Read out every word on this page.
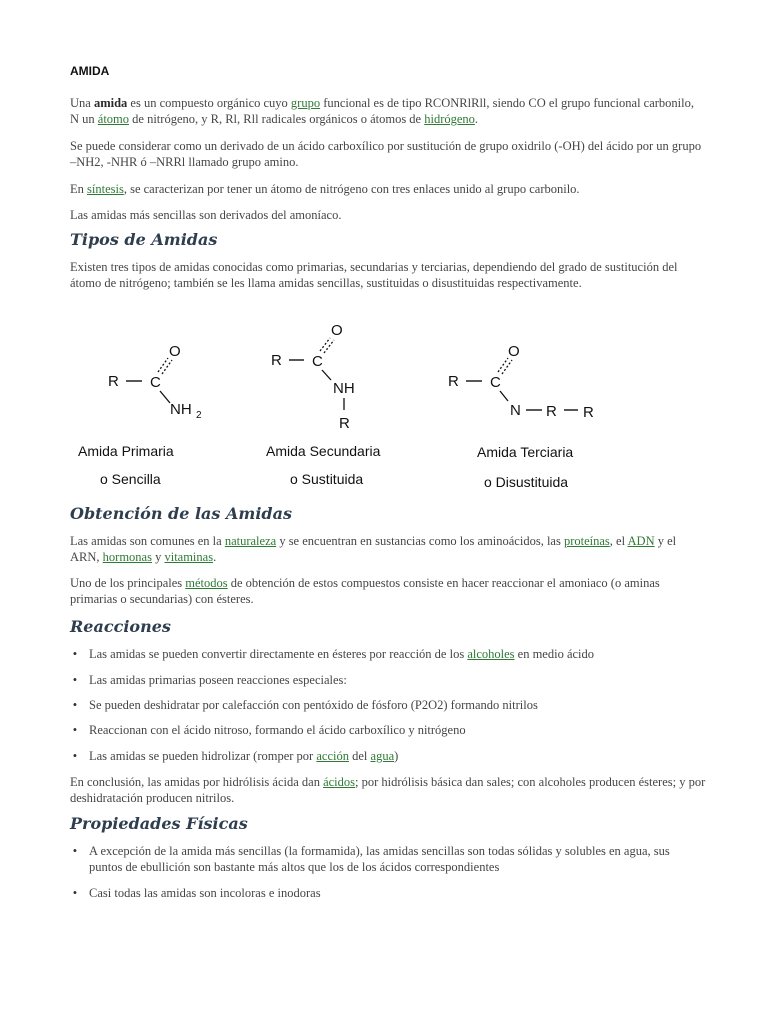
AMIDA
Una amida es un compuesto orgánico cuyo grupo funcional es de tipo RCONRlRll, siendo CO el grupo funcional carbonilo, N un átomo de nitrógeno, y R, Rl, Rll radicales orgánicos o átomos de hidrógeno.
Se puede considerar como un derivado de un ácido carboxílico por sustitución de grupo oxidrilo (-OH) del ácido por un grupo –NH2, -NHR ó –NRRl llamado grupo amino.
En síntesis, se caracterizan por tener un átomo de nitrógeno con tres enlaces unido al grupo carbonilo.
Las amidas más sencillas son derivados del amoníaco.
Tipos de Amidas
Existen tres tipos de amidas conocidas como primarias, secundarias y terciarias, dependiendo del grado de sustitución del átomo de nitrógeno; también se les llama amidas sencillas, sustituidas o disustituidas respectivamente.
R C
O
NH 2
Amida Primaria
o Sencilla
R C
O
NH
R
Amida Secundaria
o Sustituida
R C
O
N R R
Amida Terciaria
o Disustituida
Obtención de las Amidas
Las amidas son comunes en la naturaleza y se encuentran en sustancias como los aminoácidos, las proteínas, el ADN y el ARN, hormonas y vitaminas.
Uno de los principales métodos de obtención de estos compuestos consiste en hacer reaccionar el amoniaco (o aminas primarias o secundarias) con ésteres.
Reacciones
• Las amidas se pueden convertir directamente en ésteres por reacción de los alcoholes en medio ácido
• Las amidas primarias poseen reacciones especiales:
• Se pueden deshidratar por calefacción con pentóxido de fósforo (P2O2) formando nitrilos
• Reaccionan con el ácido nitroso, formando el ácido carboxílico y nitrógeno
• Las amidas se pueden hidrolizar (romper por acción del agua)
En conclusión, las amidas por hidrólisis ácida dan ácidos; por hidrólisis básica dan sales; con alcoholes producen ésteres; y por deshidratación producen nitrilos.
Propiedades Físicas
• A excepción de la amida más sencillas (la formamida), las amidas sencillas son todas sólidas y solubles en agua, sus puntos de ebullición son bastante más altos que los de los ácidos correspondientes
• Casi todas las amidas son incoloras e inodoras
